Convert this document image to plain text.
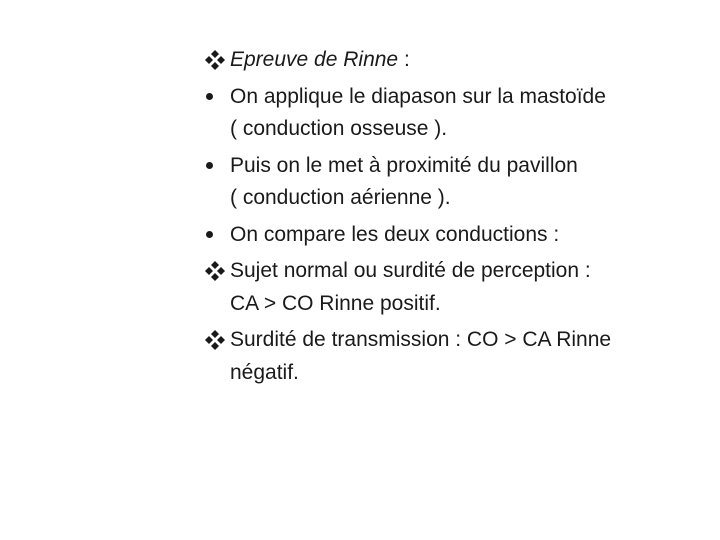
Epreuve de Rinne :
On applique le diapason sur la mastoïde
( conduction osseuse ).
Puis on le met à proximité du pavillon
( conduction aérienne ).
On compare les deux conductions :
Sujet normal ou surdité de perception :
CA > CO Rinne positif.
Surdité de transmission : CO > CA Rinne
négatif.
